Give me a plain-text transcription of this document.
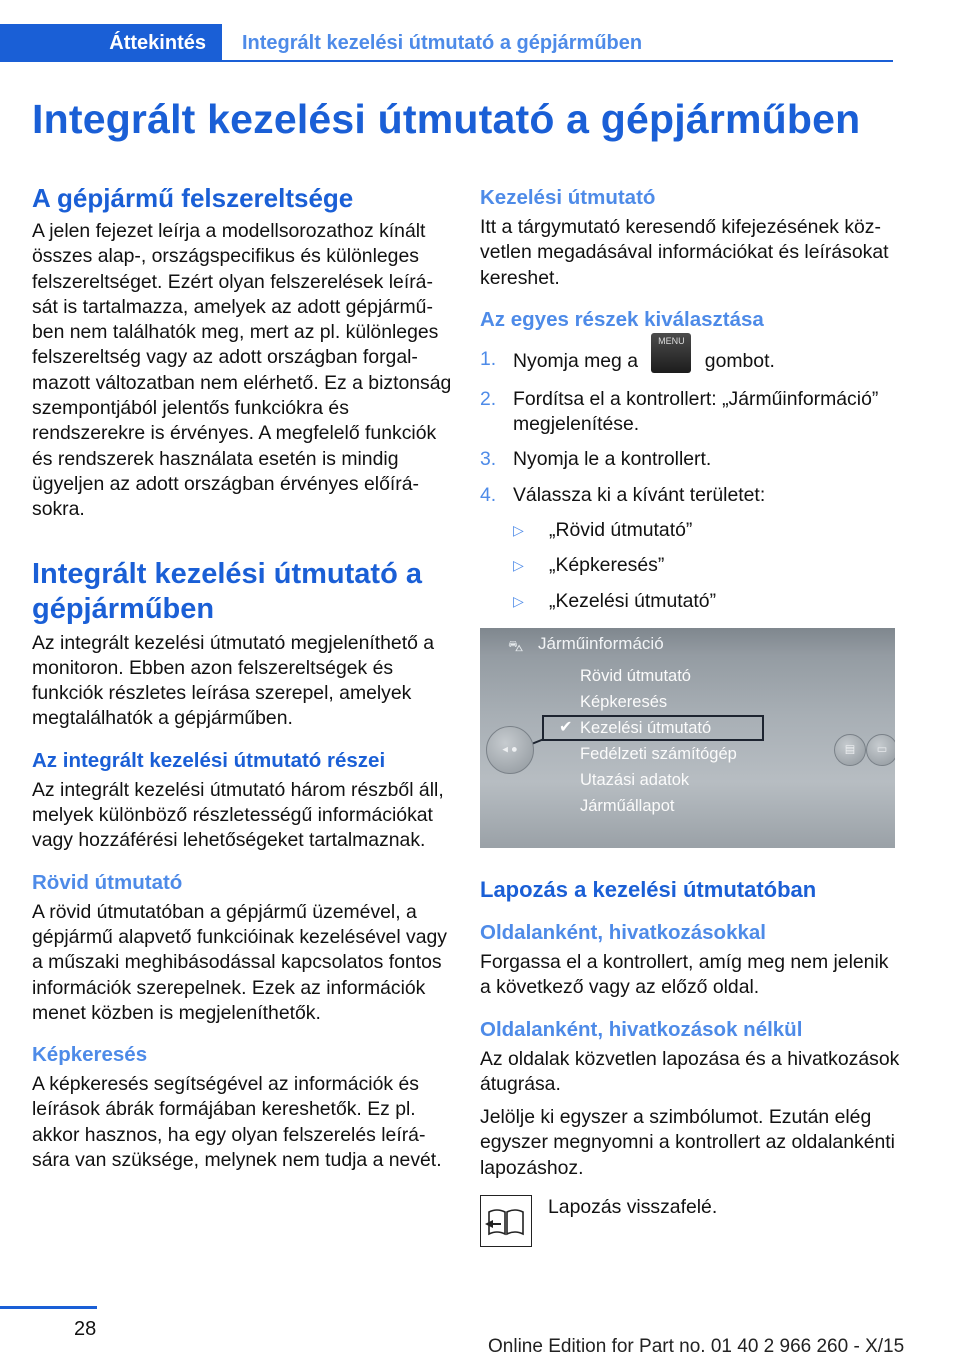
Áttekintés	Integrált kezelési útmutató a gépjárműben
Integrált kezelési útmutató a gépjárműben
A gépjármű felszereltsége

A jelen fejezet leírja a modellsorozathoz kínált összes alap-, országspecifikus és különleges felszereltséget. Ezért olyan felszerelések leírását is tartalmazza, amelyek az adott gépjárműben nem találhatók meg, mert az pl. különleges felszereltség vagy az adott országban forgalmazott változatban nem elérhető. Ez a biztonság szempontjából jelentős funkciókra és rendszerekre is érvényes. A megfelelő funkciók és rendszerek használata esetén is mindig ügyeljen az adott országban érvényes előírásokra.

Integrált kezelési útmutató a gépjárműben

Az integrált kezelési útmutató megjeleníthető a monitoron. Ebben azon felszereltségek és funkciók részletes leírása szerepel, amelyek megtalálhatók a gépjárműben.

Az integrált kezelési útmutató részei

Az integrált kezelési útmutató három részből áll, melyek különböző részletességű információkat vagy hozzáférési lehetőségeket tartalmaznak.

Rövid útmutató

A rövid útmutatóban a gépjármű üzemével, a gépjármű alapvető funkcióinak kezelésével vagy a műszaki meghibásodással kapcsolatos fontos információk szerepelnek. Ezek az információk menet közben is megjeleníthetők.

Képkeresés

A képkeresés segítségével az információk és leírások ábrák formájában kereshetők. Ez pl. akkor hasznos, ha egy olyan felszerelés leírására van szüksége, melynek nem tudja a nevét.

Kezelési útmutató

Itt a tárgymutató keresendő kifejezésének közvetlen megadásával információkat és leírásokat kereshet.

Az egyes részek kiválasztása
1. Nyomja meg a MENU gombot.
2. Fordítsa el a kontrollert: „Járműinformáció” megjelenítése.
3. Nyomja le a kontrollert.
4. Válassza ki a kívánt területet:
▷ „Rövid útmutató”
▷ „Képkeresés”
▷ „Kezelési útmutató”
⛍ Járműinformáció
Rövid útmutató
Képkeresés
✔ Kezelési útmutató
Fedélzeti számítógép
Utazási adatok
Járműállapot
◂ ●	▤	▭
Lapozás a kezelési útmutatóban
Oldalanként, hivatkozásokkal

Forgassa el a kontrollert, amíg meg nem jelenik a következő vagy az előző oldal.

Oldalanként, hivatkozások nélkül

Az oldalak közvetlen lapozása és a hivatkozások átugrása.

Jelölje ki egyszer a szimbólumot. Ezután elég egyszer megnyomni a kontrollert az oldalankénti lapozáshoz.

Lapozás visszafelé.
28
Online Edition for Part no. 01 40 2 966 260 - X/15
